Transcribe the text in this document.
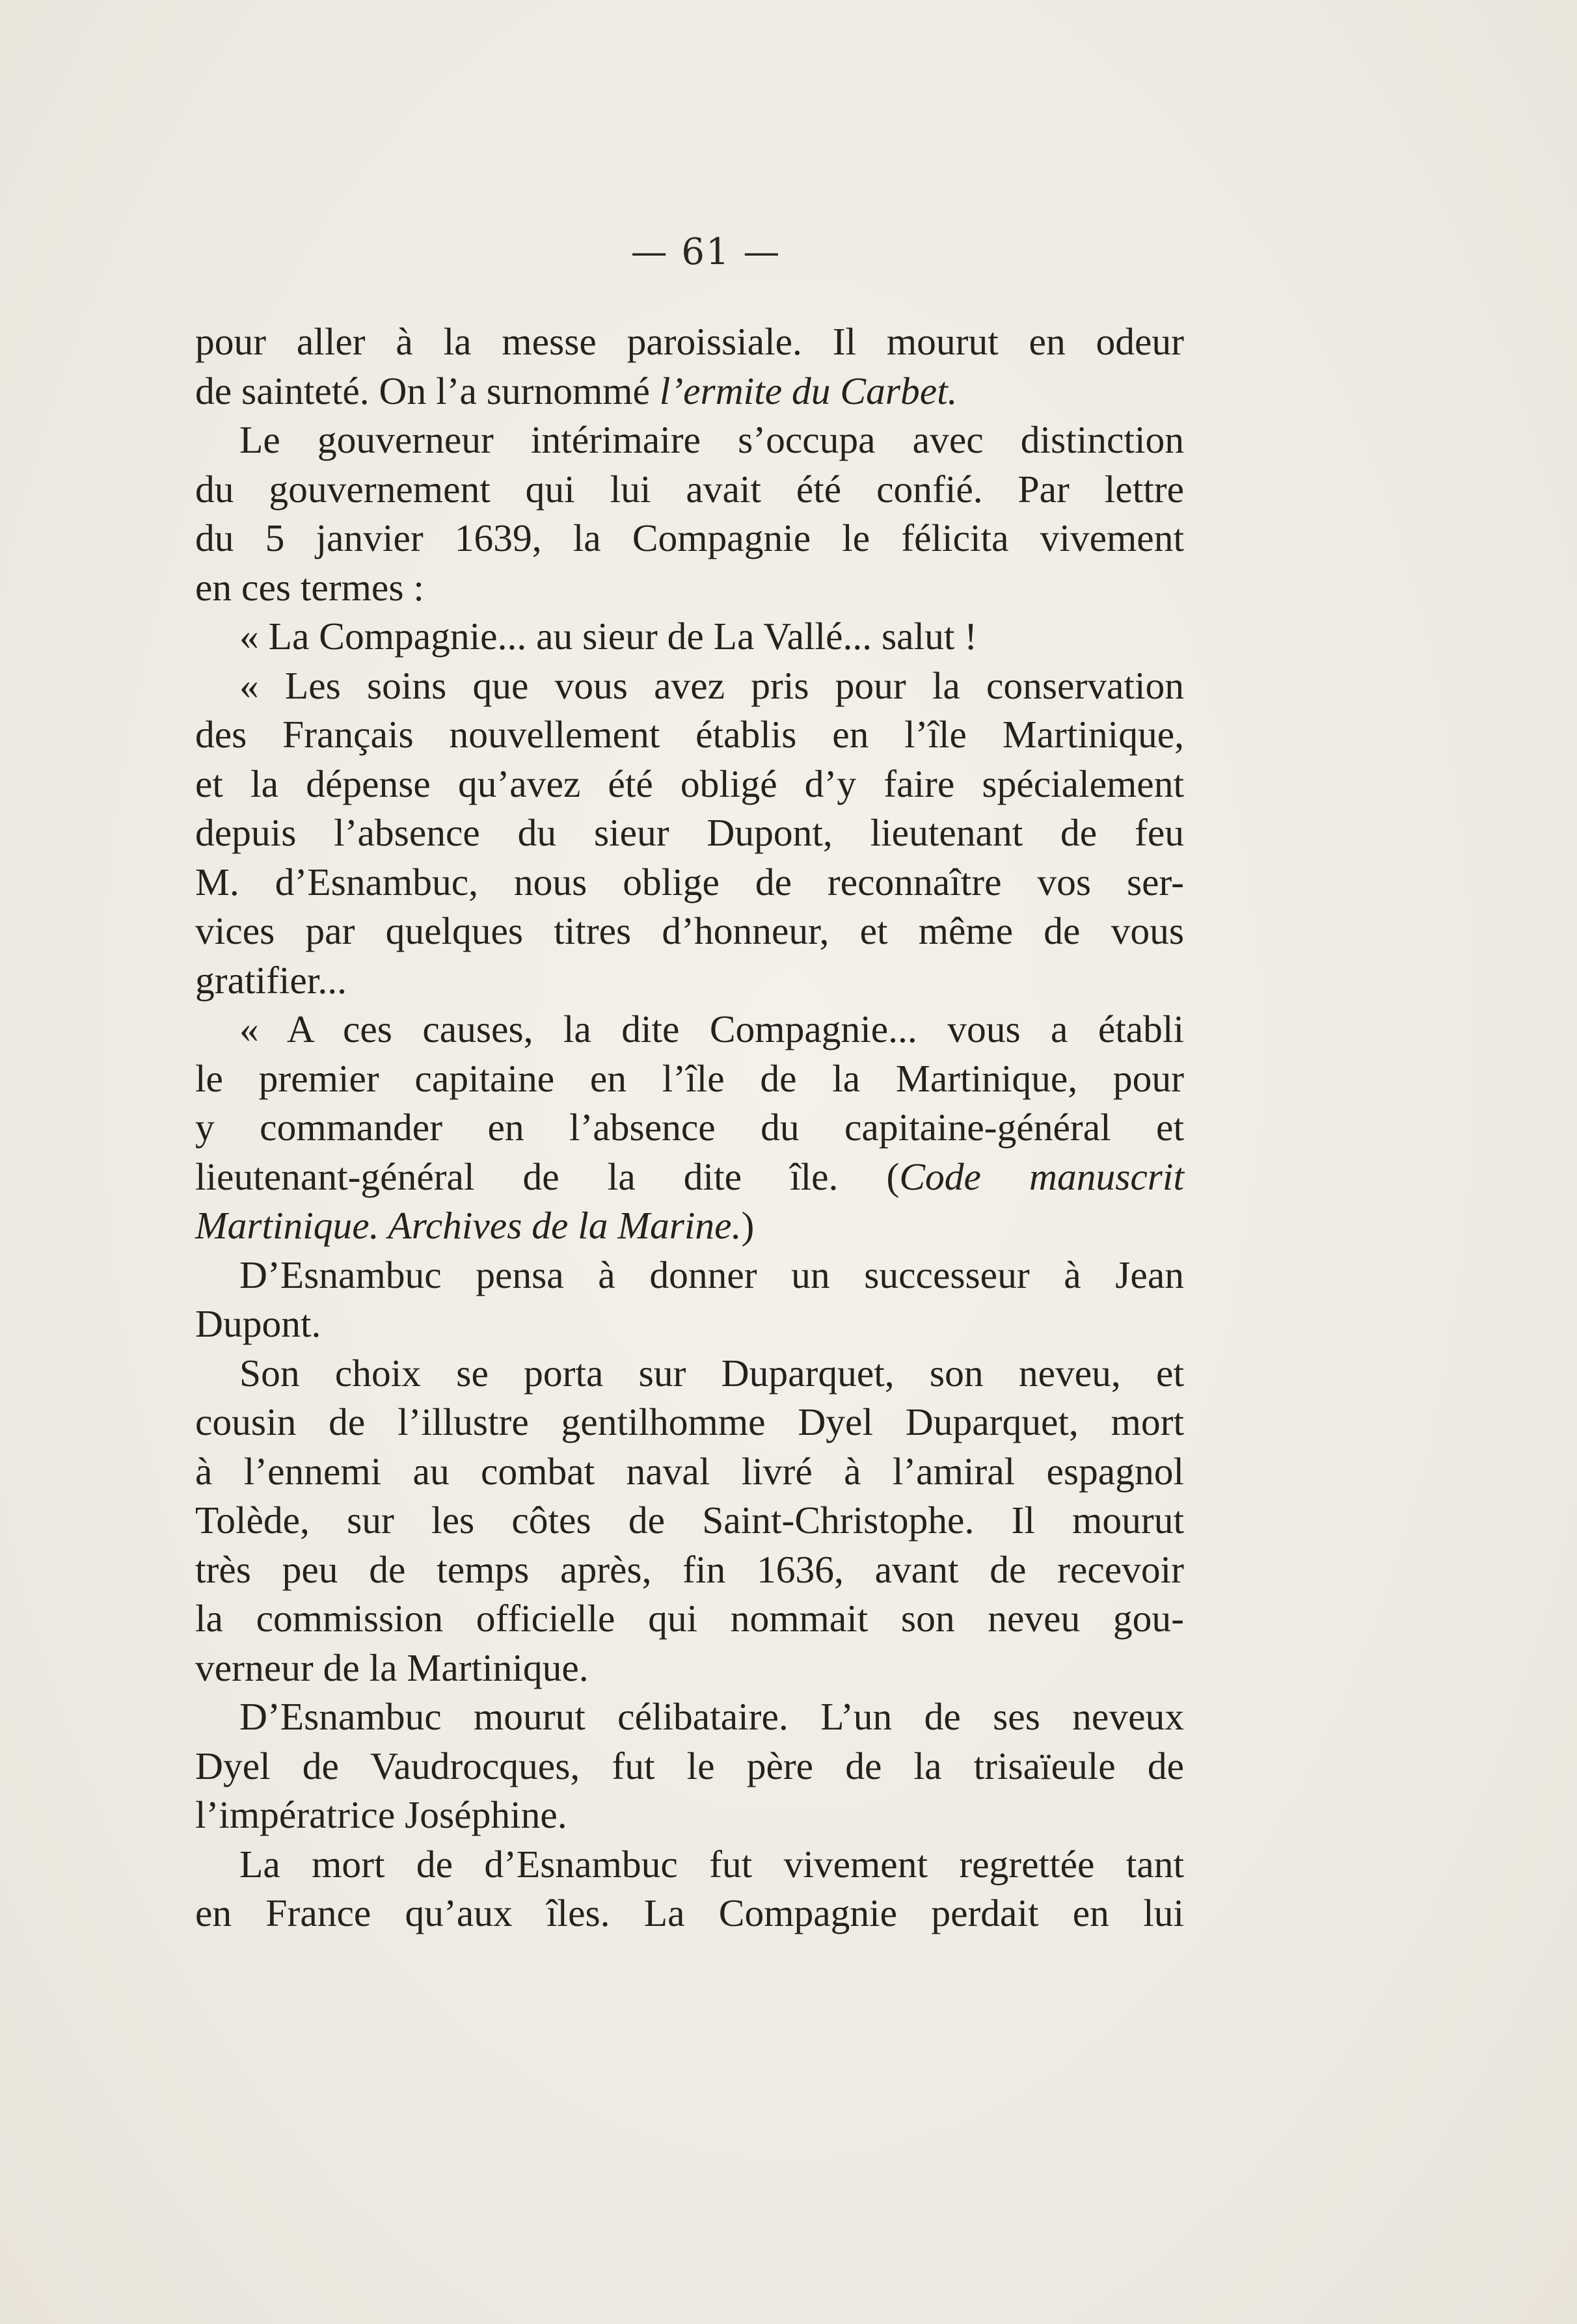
— 61 —
pour aller à la messe paroissiale. Il mourut en odeur
de sainteté. On l’a surnommé l’ermite du Carbet.
Le gouverneur intérimaire s’occupa avec distinction
du gouvernement qui lui avait été confié. Par lettre
du 5 janvier 1639, la Compagnie le félicita vivement
en ces termes :
« La Compagnie... au sieur de La Vallé... salut !
« Les soins que vous avez pris pour la conservation
des Français nouvellement établis en l’île Martinique,
et la dépense qu’avez été obligé d’y faire spécialement
depuis l’absence du sieur Dupont, lieutenant de feu
M. d’Esnambuc, nous oblige de reconnaître vos ser-
vices par quelques titres d’honneur, et même de vous
gratifier...
« A ces causes, la dite Compagnie... vous a établi
le premier capitaine en l’île de la Martinique, pour
y commander en l’absence du capitaine-général et
lieutenant-général de la dite île. (Code manuscrit
Martinique. Archives de la Marine.)
D’Esnambuc pensa à donner un successeur à Jean
Dupont.
Son choix se porta sur Duparquet, son neveu, et
cousin de l’illustre gentilhomme Dyel Duparquet, mort
à l’ennemi au combat naval livré à l’amiral espagnol
Tolède, sur les côtes de Saint-Christophe. Il mourut
très peu de temps après, fin 1636, avant de recevoir
la commission officielle qui nommait son neveu gou-
verneur de la Martinique.
D’Esnambuc mourut célibataire. L’un de ses neveux
Dyel de Vaudrocques, fut le père de la trisaïeule de
l’impératrice Joséphine.
La mort de d’Esnambuc fut vivement regrettée tant
en France qu’aux îles. La Compagnie perdait en lui
